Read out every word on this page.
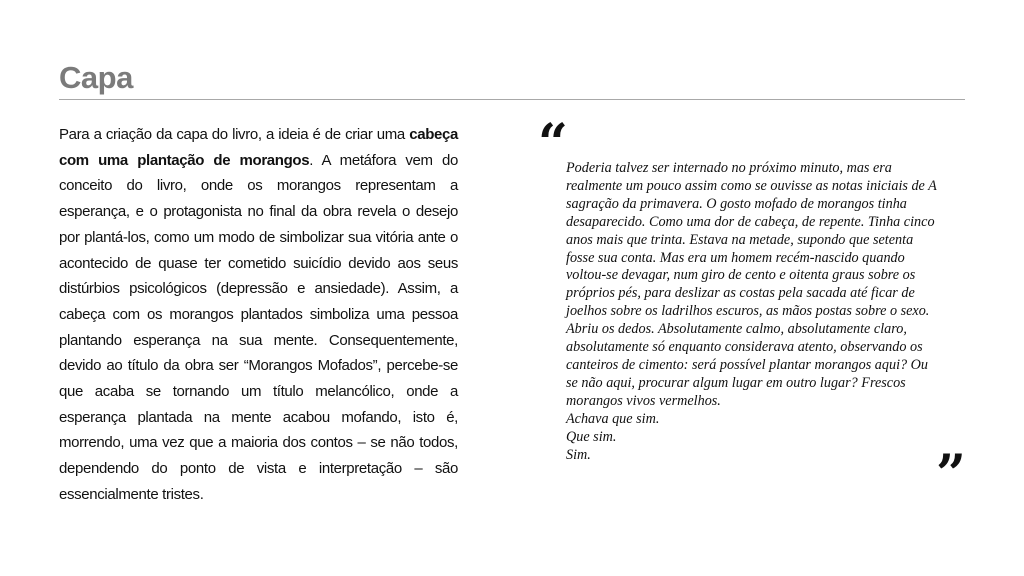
Capa

Para a criação da capa do livro, a ideia é de criar uma cabeça com uma plantação de morangos. A metáfora vem do conceito do livro, onde os morangos representam a esperança, e o protagonista no final da obra revela o desejo por plantá-los, como um modo de simbolizar sua vitória ante o acontecido de quase ter cometido suicídio devido aos seus distúrbios psicológicos (depressão e ansiedade). Assim, a cabeça com os morangos plantados simboliza uma pessoa plantando esperança na sua mente. Consequentemente, devido ao título da obra ser “Morangos Mofados”, percebe-se que acaba se tornando um título melancólico, onde a esperança plantada na mente acabou mofando, isto é, morrendo, uma vez que a maioria dos contos – se não todos, dependendo do ponto de vista e interpretação – são essencialmente tristes.

“

Poderia talvez ser internado no próximo minuto, mas era realmente um pouco assim como se ouvisse as notas iniciais de A sagração da primavera. O gosto mofado de morangos tinha desaparecido. Como uma dor de cabeça, de repente. Tinha cinco anos mais que trinta. Estava na metade, supondo que setenta fosse sua conta. Mas era um homem recém-nascido quando voltou-se devagar, num giro de cento e oitenta graus sobre os próprios pés, para deslizar as costas pela sacada até ficar de joelhos sobre os ladrilhos escuros, as mãos postas sobre o sexo.

Abriu os dedos. Absolutamente calmo, absolutamente claro, absolutamente só enquanto considerava atento, observando os canteiros de cimento: será possível plantar morangos aqui? Ou se não aqui, procurar algum lugar em outro lugar? Frescos morangos vivos vermelhos.

Achava que sim.

Que sim.

Sim.	”
